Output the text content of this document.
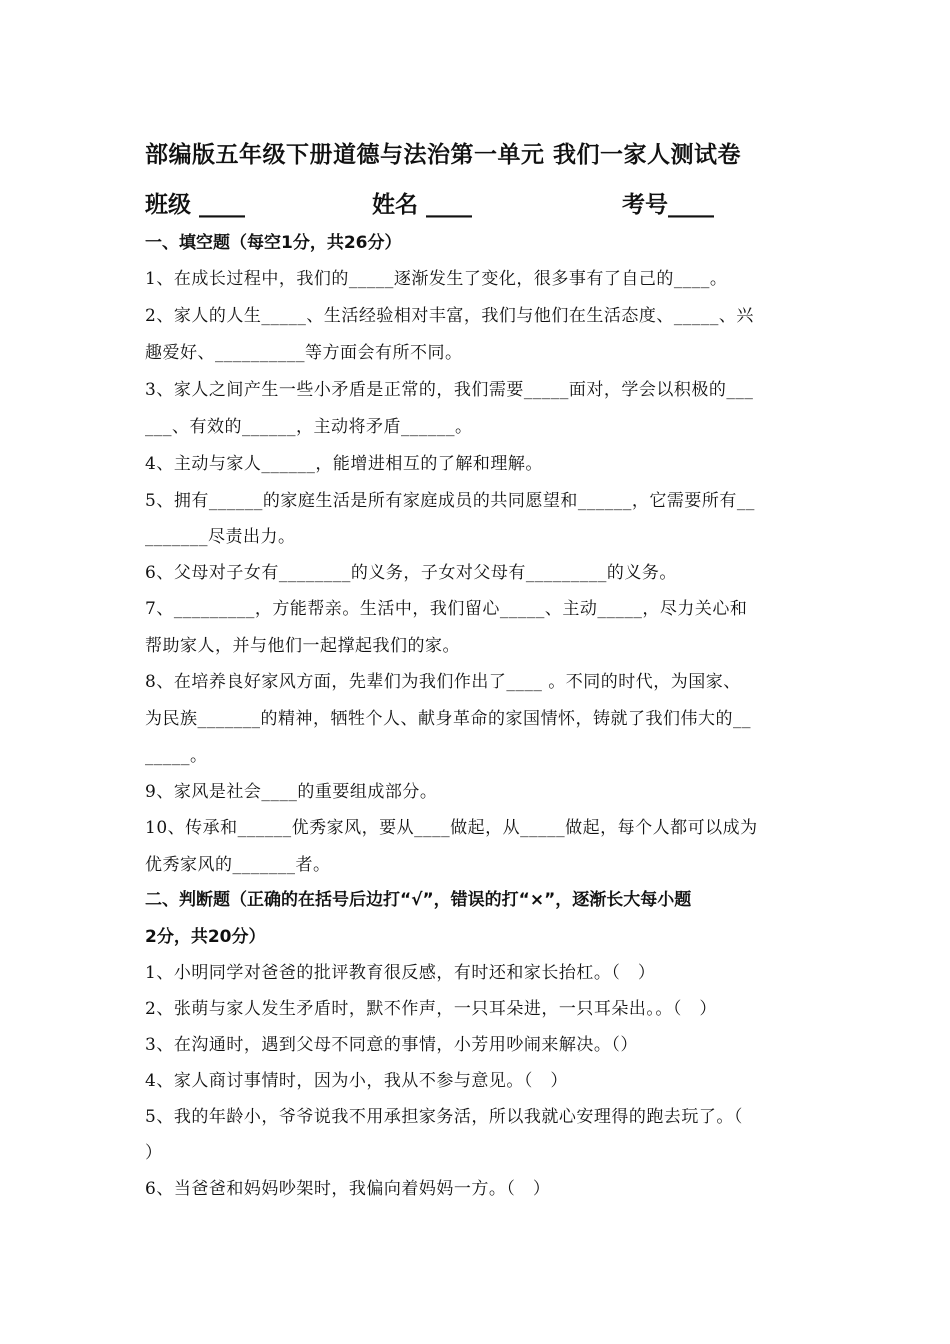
部编版五年级下册道德与法治第一单元 我们一家人测试卷
班级 ____	姓名 ____	考号____
一、填空题（每空1分，共26分）
1、在成长过程中，我们的_____逐渐发生了变化，很多事有了自己的____。
2、家人的人生_____、生活经验相对丰富，我们与他们在生活态度、_____、兴
趣爱好、__________等方面会有所不同。
3、家人之间产生一些小矛盾是正常的，我们需要_____面对，学会以积极的___
___、有效的______，主动将矛盾______。
4、主动与家人______，能增进相互的了解和理解。
5、拥有______的家庭生活是所有家庭成员的共同愿望和______，它需要所有__
_______尽责出力。
6、父母对子女有________的义务，子女对父母有_________的义务。
7、_________，方能帮亲。生活中，我们留心_____、主动_____，尽力关心和
帮助家人，并与他们一起撑起我们的家。
8、在培养良好家风方面，先辈们为我们作出了____ 。不同的时代，为国家、
为民族_______的精神，牺牲个人、献身革命的家国情怀，铸就了我们伟大的__
_____。
9、家风是社会____的重要组成部分。
10、传承和______优秀家风，要从____做起，从_____做起，每个人都可以成为
优秀家风的_______者。
二、判断题（正确的在括号后边打“√”，错误的打“×”，逐渐长大每小题
2分，共20分）
1、小明同学对爸爸的批评教育很反感，有时还和家长抬杠。（　）
2、张萌与家人发生矛盾时，默不作声，一只耳朵进，一只耳朵出。。（　）
3、在沟通时，遇到父母不同意的事情，小芳用吵闹来解决。（）
4、家人商讨事情时，因为小，我从不参与意见。（　）
5、我的年龄小，爷爷说我不用承担家务活，所以我就心安理得的跑去玩了。（
）
6、当爸爸和妈妈吵架时，我偏向着妈妈一方。（　）
